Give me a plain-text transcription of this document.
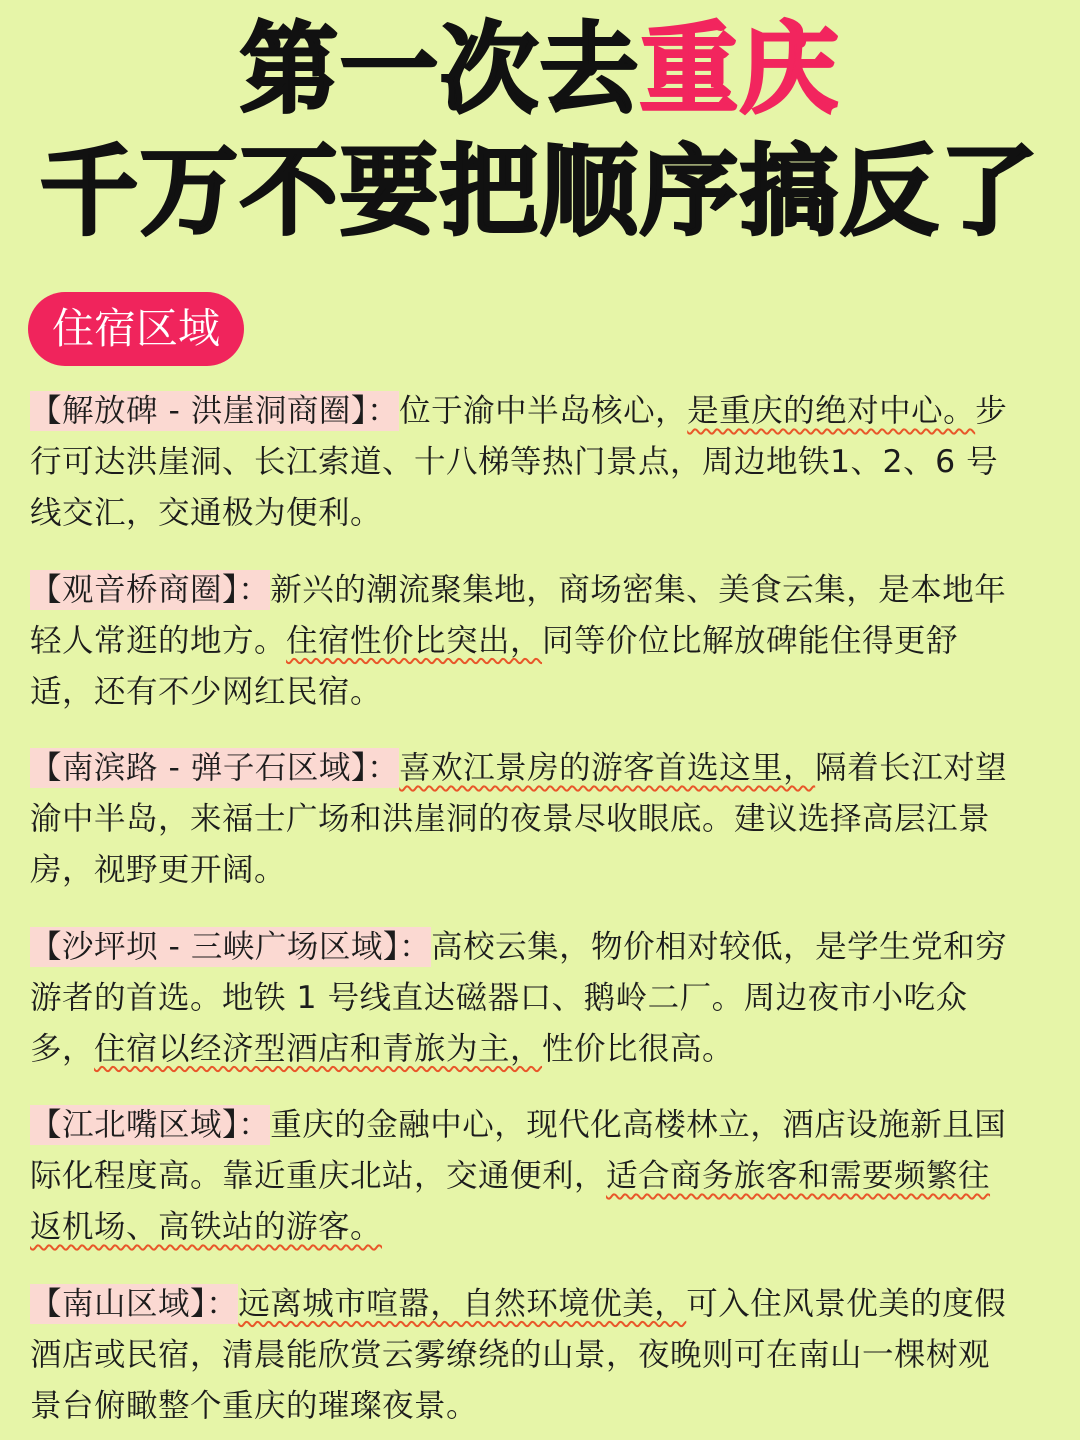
第一次去重庆
千万不要把顺序搞反了
住宿区域

【解放碑 - 洪崖洞商圈】：位于渝中半岛核心，是重庆的绝对中心。步行可达洪崖洞、长江索道、十八梯等热门景点，周边地铁1、2、6 号线交汇，交通极为便利。

【观音桥商圈】：新兴的潮流聚集地，商场密集、美食云集，是本地年轻人常逛的地方。住宿性价比突出，同等价位比解放碑能住得更舒适，还有不少网红民宿。

【南滨路 - 弹子石区域】：喜欢江景房的游客首选这里，隔着长江对望渝中半岛，来福士广场和洪崖洞的夜景尽收眼底。建议选择高层江景房，视野更开阔。

【沙坪坝 - 三峡广场区域】：高校云集，物价相对较低，是学生党和穷游者的首选。地铁 1 号线直达磁器口、鹅岭二厂。周边夜市小吃众多，住宿以经济型酒店和青旅为主，性价比很高。

【江北嘴区域】：重庆的金融中心，现代化高楼林立，酒店设施新且国际化程度高。靠近重庆北站，交通便利，适合商务旅客和需要频繁往返机场、高铁站的游客。

【南山区域】：远离城市喧嚣，自然环境优美，可入住风景优美的度假酒店或民宿，清晨能欣赏云雾缭绕的山景，夜晚则可在南山一棵树观景台俯瞰整个重庆的璀璨夜景。
